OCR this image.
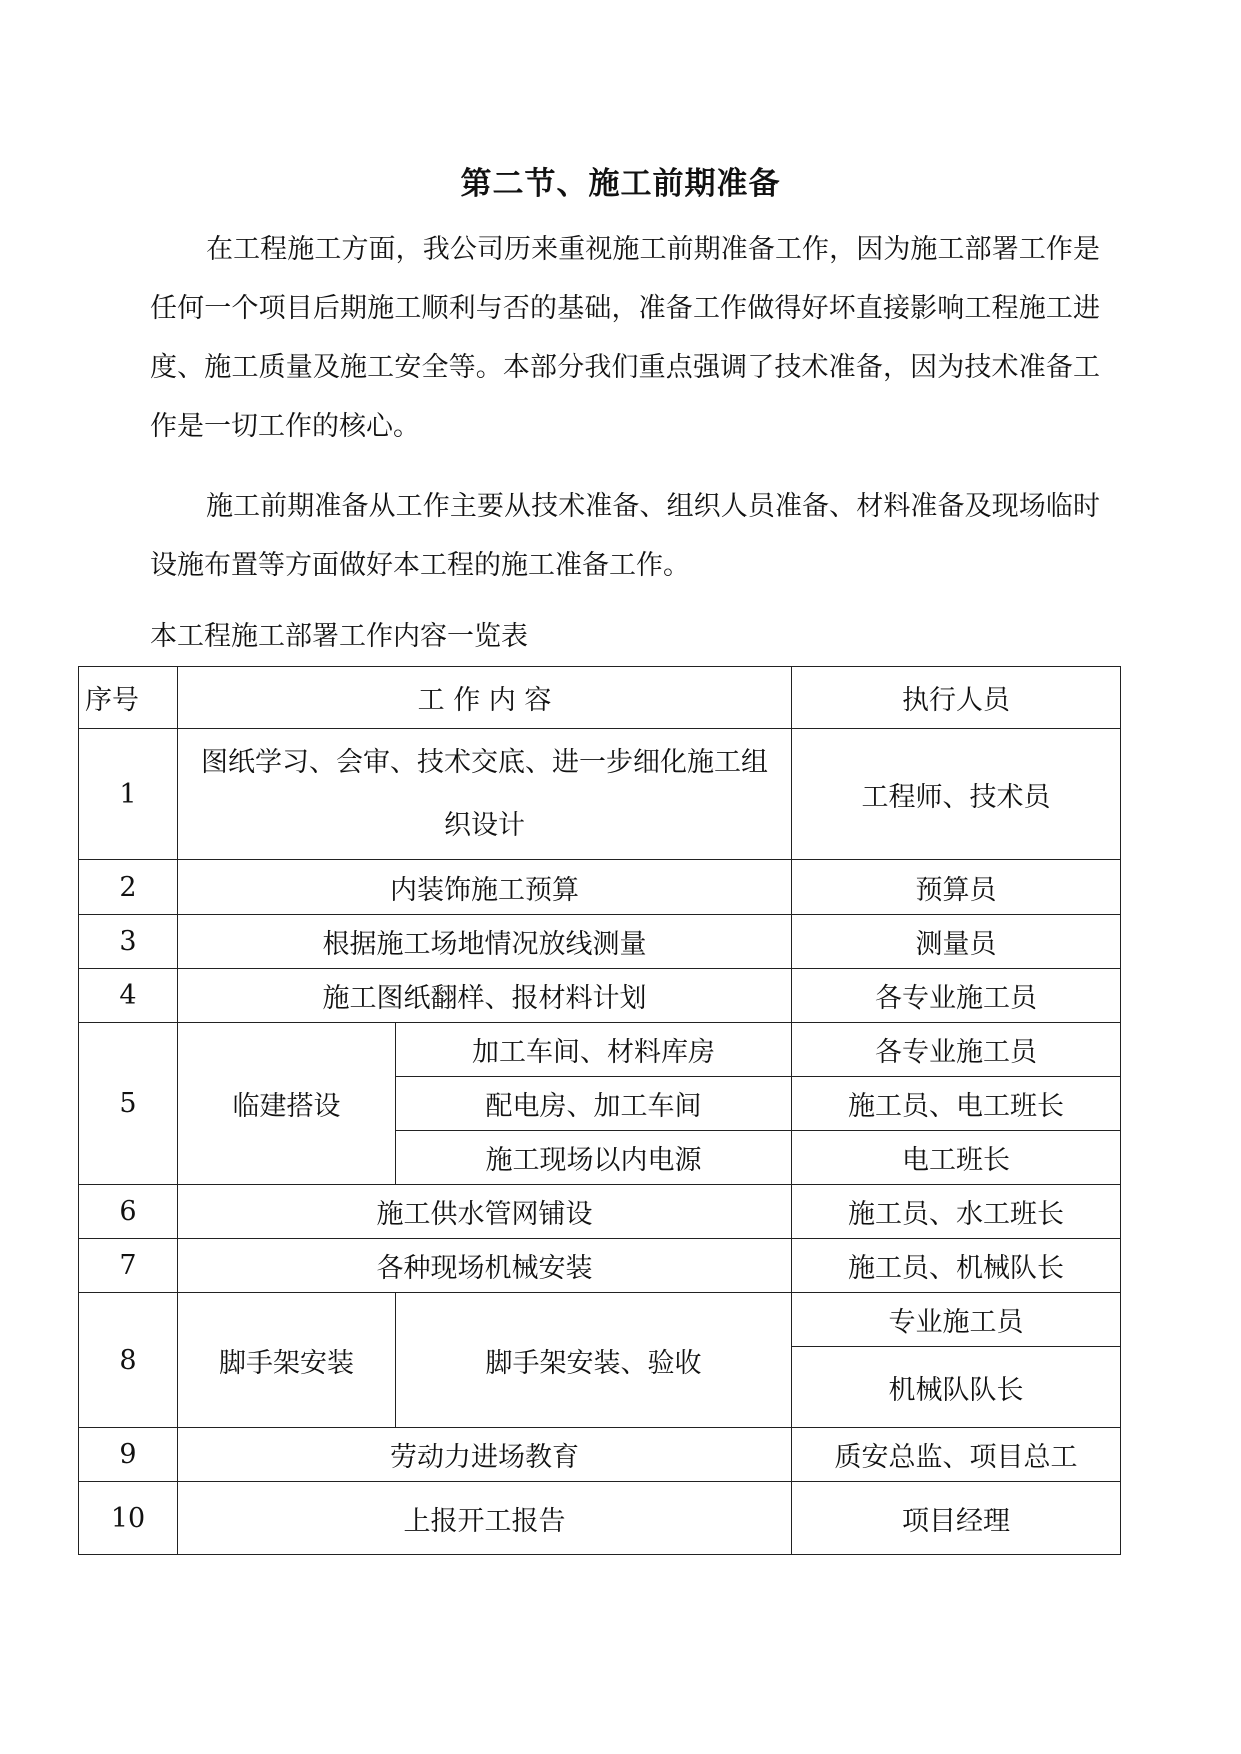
第二节、施工前期准备

在工程施工方面，我公司历来重视施工前期准备工作，因为施工部署工作是任何一个项目后期施工顺利与否的基础，准备工作做得好坏直接影响工程施工进度、施工质量及施工安全等。本部分我们重点强调了技术准备，因为技术准备工作是一切工作的核心。

施工前期准备从工作主要从技术准备、组织人员准备、材料准备及现场临时设施布置等方面做好本工程的施工准备工作。

本工程施工部署工作内容一览表
序号	工 作 内 容		执行人员
1	图纸学习、会审、技术交底、进一步细化施工组织设计		工程师、技术员
2	内装饰施工预算		预算员
3	根据施工场地情况放线测量		测量员
4	施工图纸翻样、报材料计划		各专业施工员
5	临建搭设	加工车间、材料库房	各专业施工员
		配电房、加工车间	施工员、电工班长
		施工现场以内电源	电工班长
6	施工供水管网铺设		施工员、水工班长
7	各种现场机械安装		施工员、机械队长
8	脚手架安装	脚手架安装、验收	专业施工员
			机械队队长
9	劳动力进场教育		质安总监、项目总工
10	上报开工报告		项目经理
